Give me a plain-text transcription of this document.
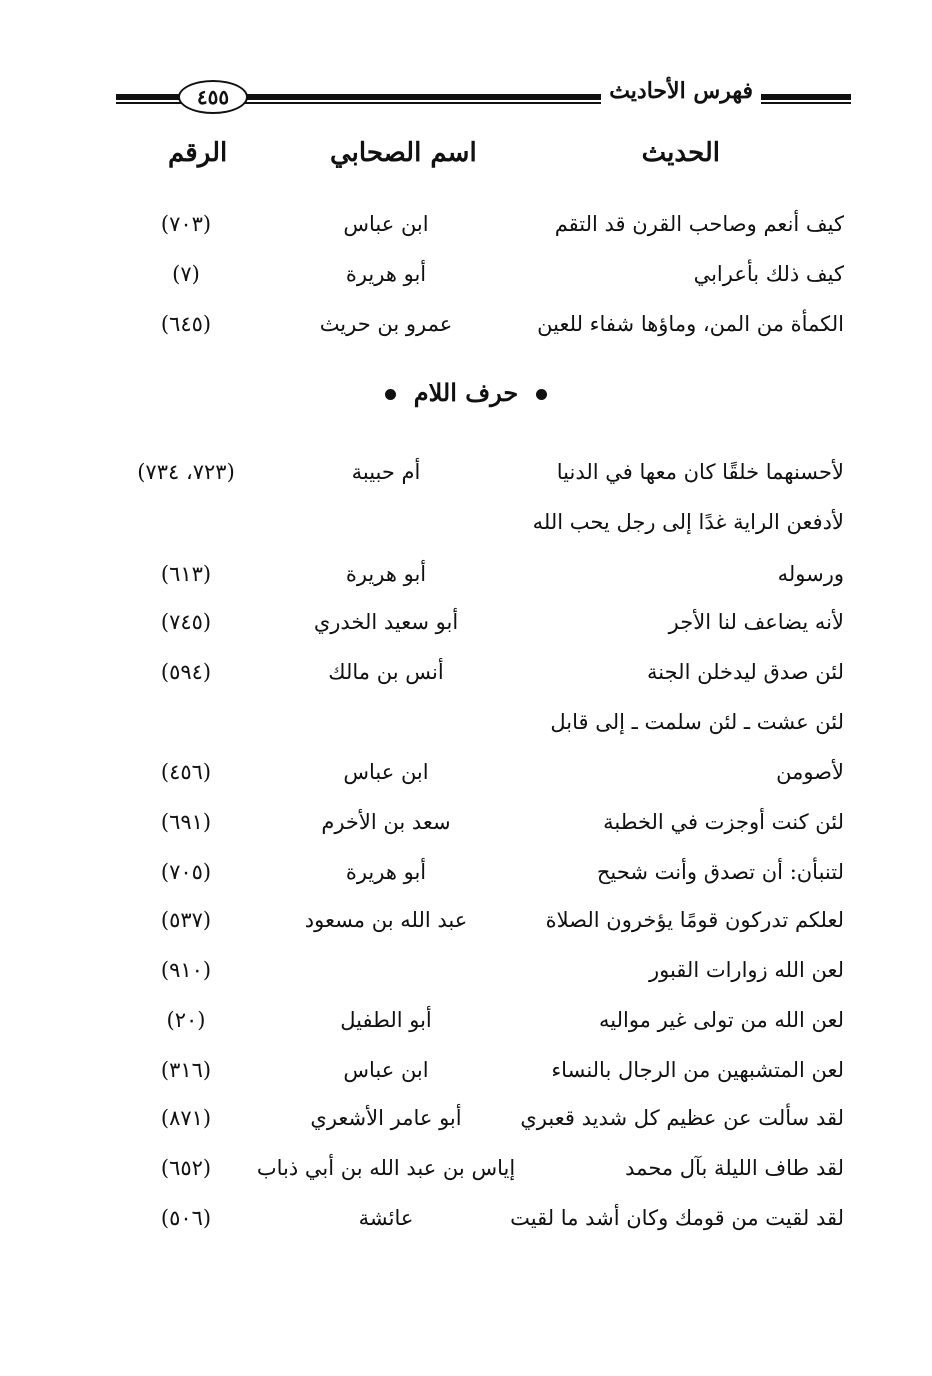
فهرس الأحاديث
٤٥٥
الحديث
اسم الصحابي
الرقم
كيف أنعم وصاحب القرن قد التقم
ابن عباس
(٧٠٣)
كيف ذلك بأعرابي
أبو هريرة
(٧)
الكمأة من المن، وماؤها شفاء للعين
عمرو بن حريث
(٦٤٥)
حرف اللام
لأحسنهما خلقًا كان معها في الدنيا
أم حبيبة
(٧٢٣، ٧٣٤)
لأدفعن الراية غدًا إلى رجل يحب الله
ورسوله
أبو هريرة
(٦١٣)
لأنه يضاعف لنا الأجر
أبو سعيد الخدري
(٧٤٥)
لئن صدق ليدخلن الجنة
أنس بن مالك
(٥٩٤)
لئن عشت ـ لئن سلمت ـ إلى قابل
لأصومن
ابن عباس
(٤٥٦)
لئن كنت أوجزت في الخطبة
سعد بن الأخرم
(٦٩١)
لتنبأن: أن تصدق وأنت شحيح
أبو هريرة
(٧٠٥)
لعلكم تدركون قومًا يؤخرون الصلاة
عبد الله بن مسعود
(٥٣٧)
لعن الله زوارات القبور
(٩١٠)
لعن الله من تولى غير مواليه
أبو الطفيل
(٢٠)
لعن المتشبهين من الرجال بالنساء
ابن عباس
(٣١٦)
لقد سألت عن عظيم كل شديد قعبري
أبو عامر الأشعري
(٨٧١)
لقد طاف الليلة بآل محمد
إياس بن عبد الله بن أبي ذباب
(٦٥٢)
لقد لقيت من قومك وكان أشد ما لقيت
عائشة
(٥٠٦)
